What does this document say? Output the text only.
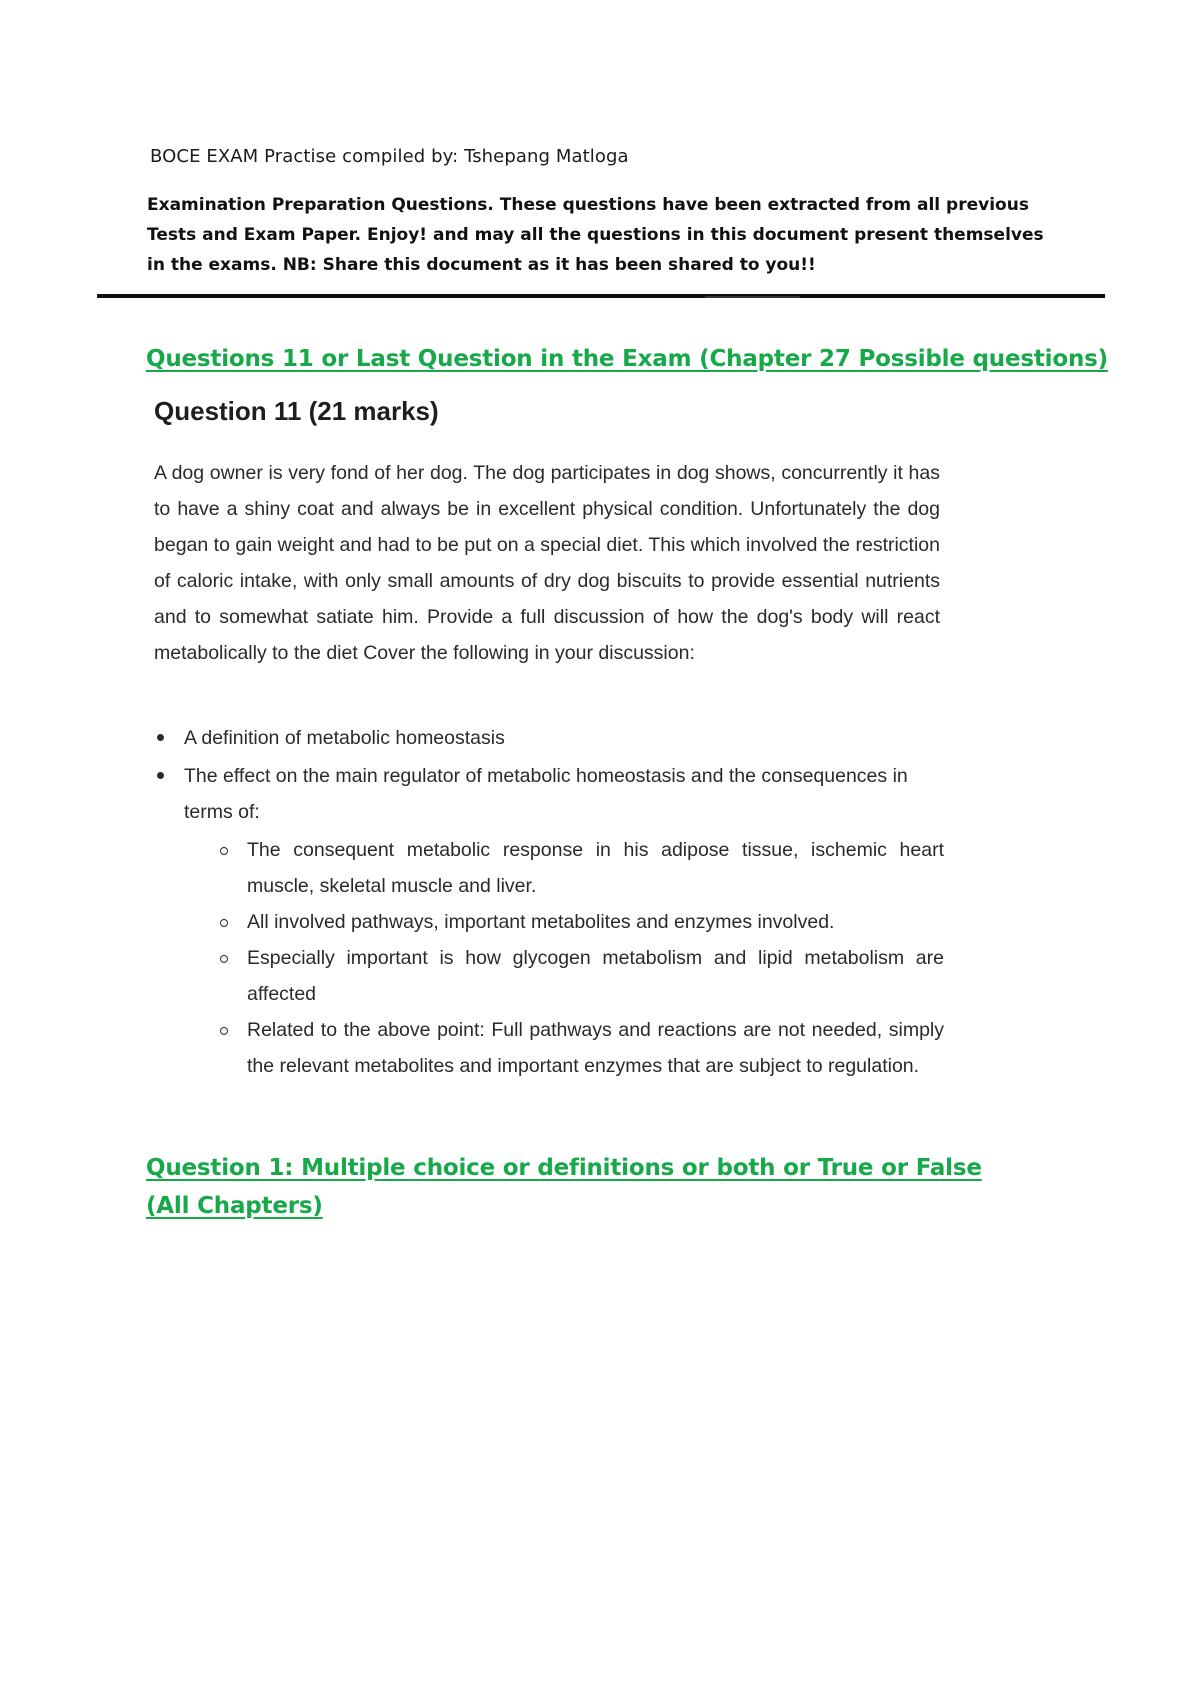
BOCE EXAM Practise compiled by: Tshepang Matloga
Examination Preparation Questions. These questions have been extracted from all previous Tests and Exam Paper. Enjoy! and may all the questions in this document present themselves in the exams. NB: Share this document as it has been shared to you!!
Questions 11 or Last Question in the Exam (Chapter 27 Possible questions)
Question 11 (21 marks)

A dog owner is very fond of her dog. The dog participates in dog shows, concurrently it has to have a shiny coat and always be in excellent physical condition. Unfortunately the dog began to gain weight and had to be put on a special diet. This which involved the restriction of caloric intake, with only small amounts of dry dog biscuits to provide essential nutrients and to somewhat satiate him. Provide a full discussion of how the dog's body will react metabolically to the diet Cover the following in your discussion:

A definition of metabolic homeostasis
The effect on the main regulator of metabolic homeostasis and the consequences in terms of:
The consequent metabolic response in his adipose tissue, ischemic heart muscle, skeletal muscle and liver.
All involved pathways, important metabolites and enzymes involved.
Especially important is how glycogen metabolism and lipid metabolism are affected
Related to the above point: Full pathways and reactions are not needed, simply the relevant metabolites and important enzymes that are subject to regulation.
Question 1: Multiple choice or definitions or both or True or False (All Chapters)
